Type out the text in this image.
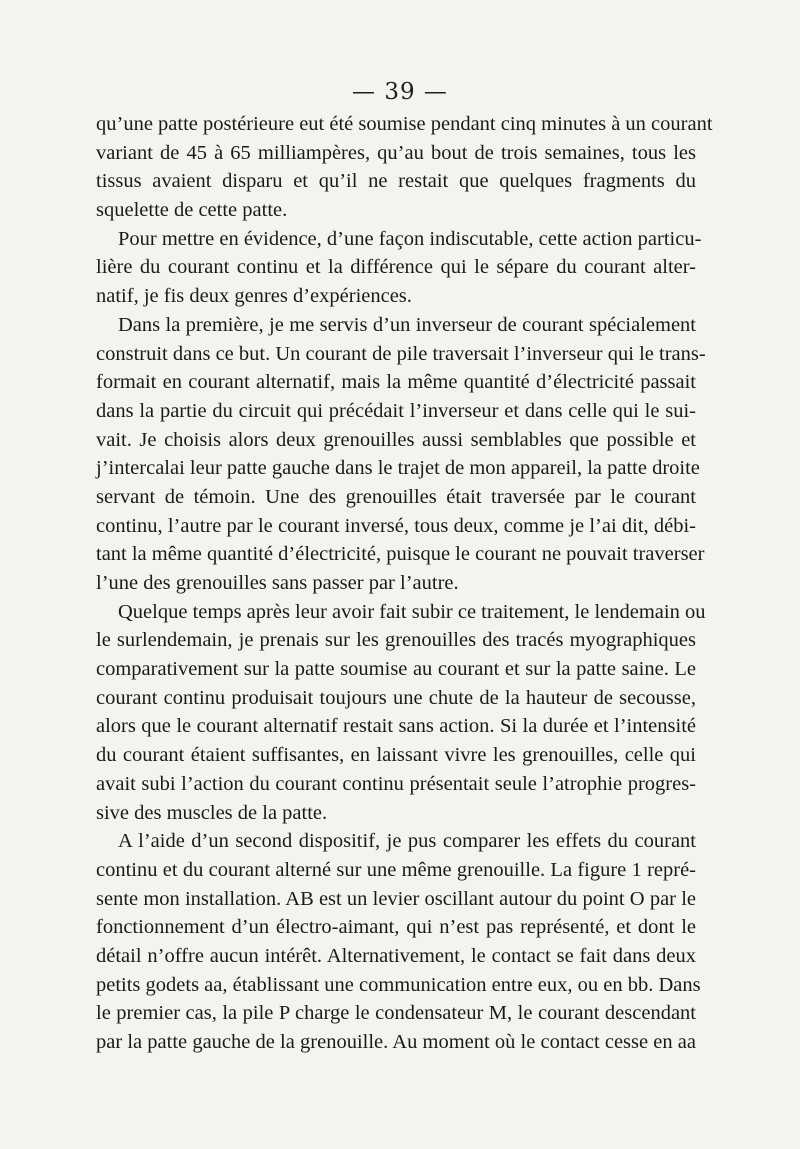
— 39 —
qu’une patte postérieure eut été soumise pendant cinq minutes à un courant
variant de 45 à 65 milliampères, qu’au bout de trois semaines, tous les
tissus avaient disparu et qu’il ne restait que quelques fragments du
squelette de cette patte.
Pour mettre en évidence, d’une façon indiscutable, cette action particu-
lière du courant continu et la différence qui le sépare du courant alter-
natif, je fis deux genres d’expériences.
Dans la première, je me servis d’un inverseur de courant spécialement
construit dans ce but. Un courant de pile traversait l’inverseur qui le trans-
formait en courant alternatif, mais la même quantité d’électricité passait
dans la partie du circuit qui précédait l’inverseur et dans celle qui le sui-
vait. Je choisis alors deux grenouilles aussi semblables que possible et
j’intercalai leur patte gauche dans le trajet de mon appareil, la patte droite
servant de témoin. Une des grenouilles était traversée par le courant
continu, l’autre par le courant inversé, tous deux, comme je l’ai dit, débi-
tant la même quantité d’électricité, puisque le courant ne pouvait traverser
l’une des grenouilles sans passer par l’autre.
Quelque temps après leur avoir fait subir ce traitement, le lendemain ou
le surlendemain, je prenais sur les grenouilles des tracés myographiques
comparativement sur la patte soumise au courant et sur la patte saine. Le
courant continu produisait toujours une chute de la hauteur de secousse,
alors que le courant alternatif restait sans action. Si la durée et l’intensité
du courant étaient suffisantes, en laissant vivre les grenouilles, celle qui
avait subi l’action du courant continu présentait seule l’atrophie progres-
sive des muscles de la patte.
A l’aide d’un second dispositif, je pus comparer les effets du courant
continu et du courant alterné sur une même grenouille. La figure 1 repré-
sente mon installation. AB est un levier oscillant autour du point O par le
fonctionnement d’un électro-aimant, qui n’est pas représenté, et dont le
détail n’offre aucun intérêt. Alternativement, le contact se fait dans deux
petits godets aa, établissant une communication entre eux, ou en bb. Dans
le premier cas, la pile P charge le condensateur M, le courant descendant
par la patte gauche de la grenouille. Au moment où le contact cesse en aa
